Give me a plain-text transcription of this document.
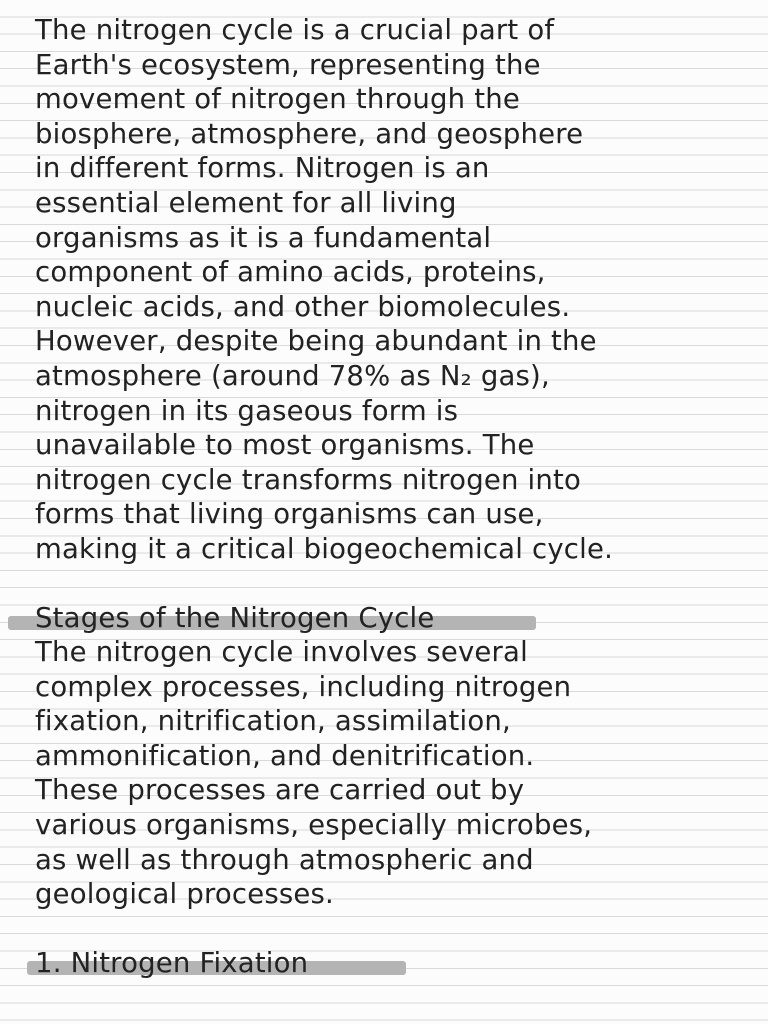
The nitrogen cycle is a crucial part of
Earth's ecosystem, representing the
movement of nitrogen through the
biosphere, atmosphere, and geosphere
in different forms. Nitrogen is an
essential element for all living
organisms as it is a fundamental
component of amino acids, proteins,
nucleic acids, and other biomolecules.
However, despite being abundant in the
atmosphere (around 78% as N₂ gas),
nitrogen in its gaseous form is
unavailable to most organisms. The
nitrogen cycle transforms nitrogen into
forms that living organisms can use,
making it a critical biogeochemical cycle.

Stages of the Nitrogen Cycle

The nitrogen cycle involves several
complex processes, including nitrogen
fixation, nitrification, assimilation,
ammonification, and denitrification.
These processes are carried out by
various organisms, especially microbes,
as well as through atmospheric and
geological processes.

1. Nitrogen Fixation
